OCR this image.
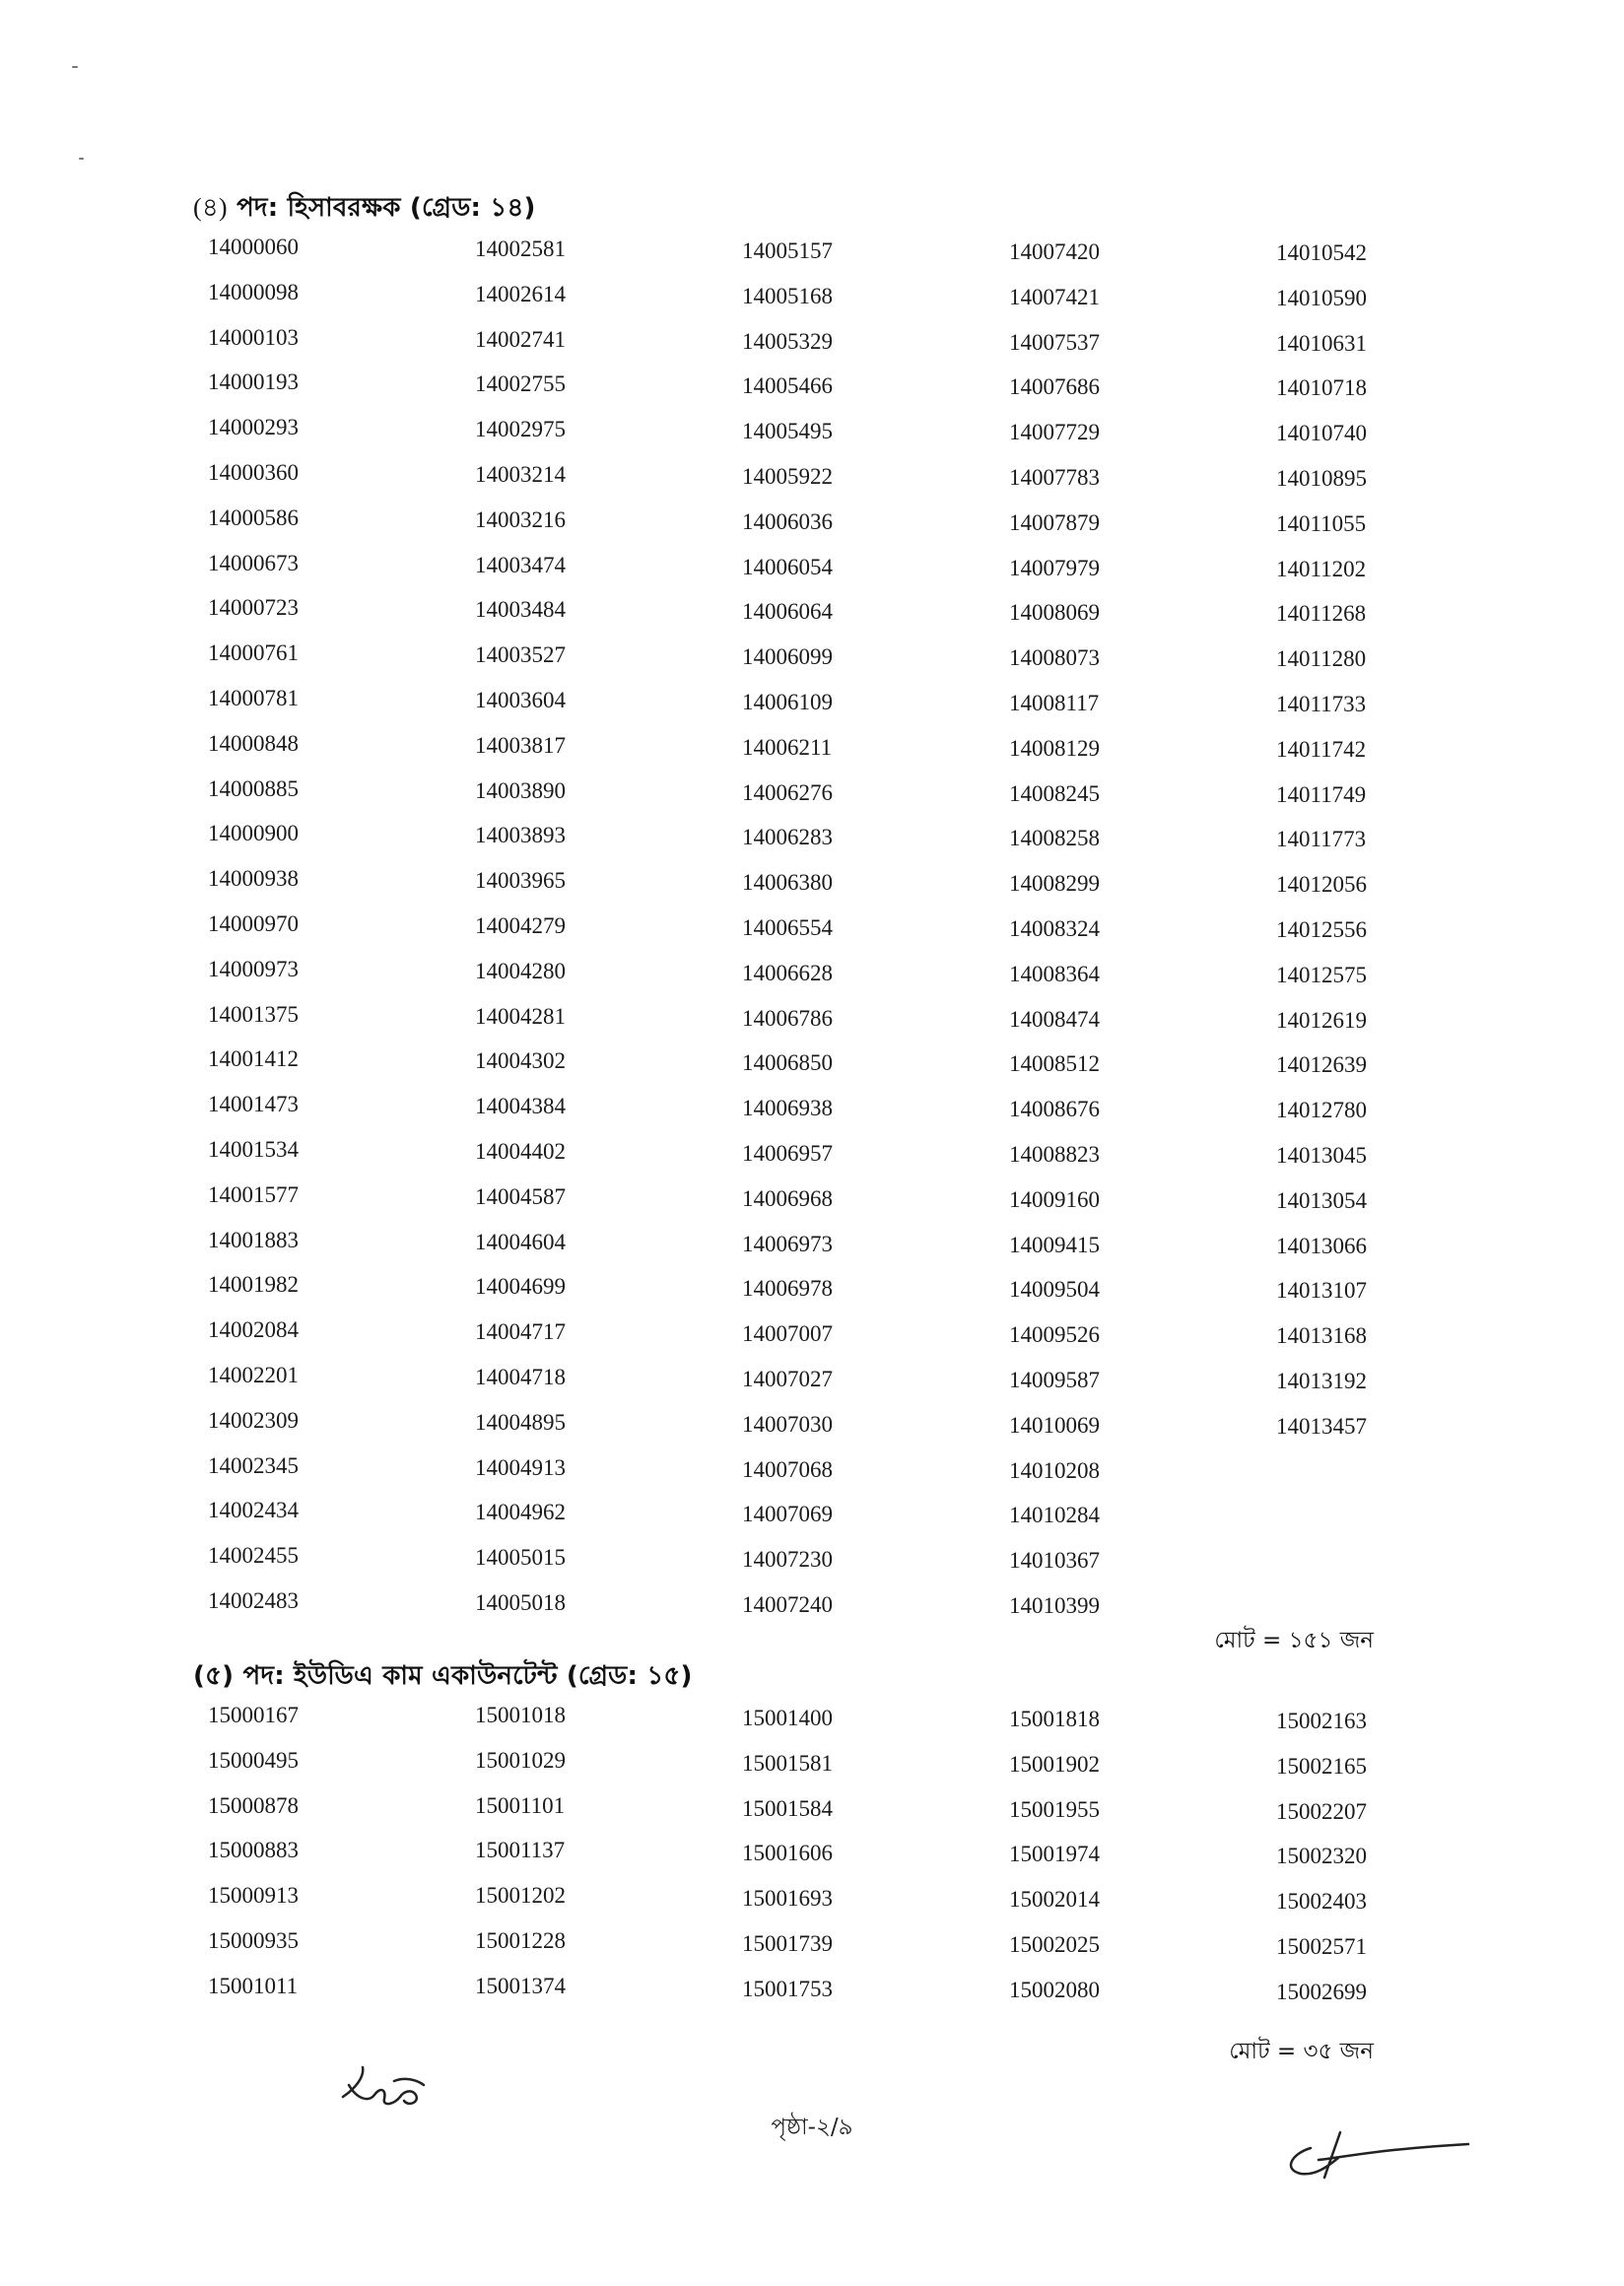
(৪) পদ: হিসাবরক্ষক (গ্রেড: ১৪)
14000060
14000098
14000103
14000193
14000293
14000360
14000586
14000673
14000723
14000761
14000781
14000848
14000885
14000900
14000938
14000970
14000973
14001375
14001412
14001473
14001534
14001577
14001883
14001982
14002084
14002201
14002309
14002345
14002434
14002455
14002483
14002581
14002614
14002741
14002755
14002975
14003214
14003216
14003474
14003484
14003527
14003604
14003817
14003890
14003893
14003965
14004279
14004280
14004281
14004302
14004384
14004402
14004587
14004604
14004699
14004717
14004718
14004895
14004913
14004962
14005015
14005018
14005157
14005168
14005329
14005466
14005495
14005922
14006036
14006054
14006064
14006099
14006109
14006211
14006276
14006283
14006380
14006554
14006628
14006786
14006850
14006938
14006957
14006968
14006973
14006978
14007007
14007027
14007030
14007068
14007069
14007230
14007240
14007420
14007421
14007537
14007686
14007729
14007783
14007879
14007979
14008069
14008073
14008117
14008129
14008245
14008258
14008299
14008324
14008364
14008474
14008512
14008676
14008823
14009160
14009415
14009504
14009526
14009587
14010069
14010208
14010284
14010367
14010399
14010542
14010590
14010631
14010718
14010740
14010895
14011055
14011202
14011268
14011280
14011733
14011742
14011749
14011773
14012056
14012556
14012575
14012619
14012639
14012780
14013045
14013054
14013066
14013107
14013168
14013192
14013457
মোট = ১৫১ জন
(৫) পদ: ইউডিএ কাম একাউনটেন্ট (গ্রেড: ১৫)
15000167
15000495
15000878
15000883
15000913
15000935
15001011
15001018
15001029
15001101
15001137
15001202
15001228
15001374
15001400
15001581
15001584
15001606
15001693
15001739
15001753
15001818
15001902
15001955
15001974
15002014
15002025
15002080
15002163
15002165
15002207
15002320
15002403
15002571
15002699
মোট = ৩৫ জন
পৃষ্ঠা-২/৯
